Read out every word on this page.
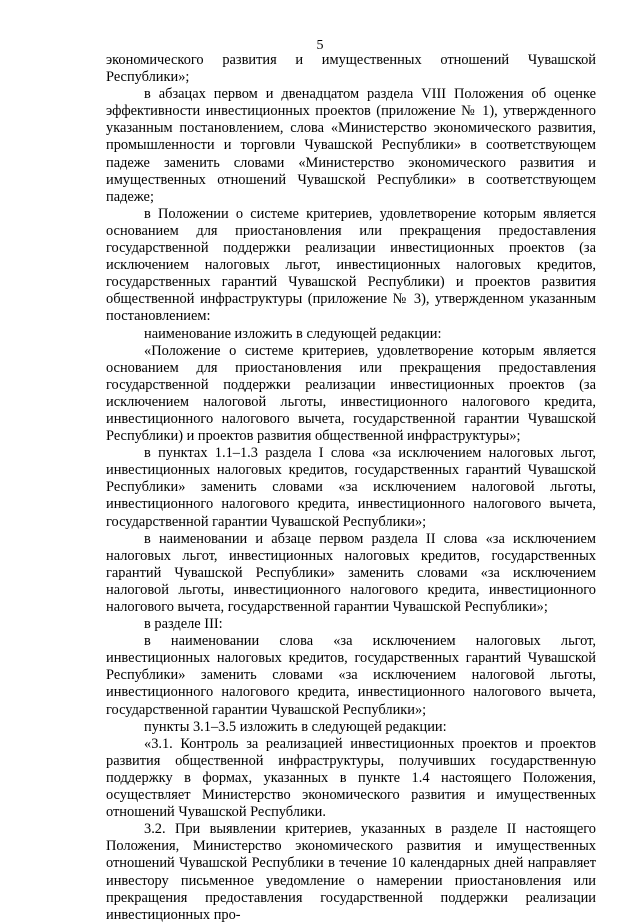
5

экономического развития и имущественных отношений Чувашской Республики»;

в абзацах первом и двенадцатом раздела VIII Положения об оценке эффективности инвестиционных проектов (приложение № 1), утвержденного указанным постановлением, слова «Министерство экономического развития, промышленности и торговли Чувашской Республики» в соответствующем падеже заменить словами «Министерство экономического развития и имущественных отношений Чувашской Республики» в соответствующем падеже;

в Положении о системе критериев, удовлетворение которым является основанием для приостановления или прекращения предоставления государственной поддержки реализации инвестиционных проектов (за исключением налоговых льгот, инвестиционных налоговых кредитов, государственных гарантий Чувашской Республики) и проектов развития общественной инфраструктуры (приложение № 3), утвержденном указанным постановлением:

наименование изложить в следующей редакции:

«Положение о системе критериев, удовлетворение которым является основанием для приостановления или прекращения предоставления государственной поддержки реализации инвестиционных проектов (за исключением налоговой льготы, инвестиционного налогового кредита, инвестиционного налогового вычета, государственной гарантии Чувашской Республики) и проектов развития общественной инфраструктуры»;

в пунктах 1.1–1.3 раздела I слова «за исключением налоговых льгот, инвестиционных налоговых кредитов, государственных гарантий Чувашской Республики» заменить словами «за исключением налоговой льготы, инвестиционного налогового кредита, инвестиционного налогового вычета, государственной гарантии Чувашской Республики»;

в наименовании и абзаце первом раздела II слова «за исключением налоговых льгот, инвестиционных налоговых кредитов, государственных гарантий Чувашской Республики» заменить словами «за исключением налоговой льготы, инвестиционного налогового кредита, инвестиционного налогового вычета, государственной гарантии Чувашской Республики»;

в разделе III:

в наименовании слова «за исключением налоговых льгот, инвестиционных налоговых кредитов, государственных гарантий Чувашской Республики» заменить словами «за исключением налоговой льготы, инвестиционного налогового кредита, инвестиционного налогового вычета, государственной гарантии Чувашской Республики»;

пункты 3.1–3.5 изложить в следующей редакции:

«3.1. Контроль за реализацией инвестиционных проектов и проектов развития общественной инфраструктуры, получивших государственную поддержку в формах, указанных в пункте 1.4 настоящего Положения, осуществляет Министерство экономического развития и имущественных отношений Чувашской Республики.

3.2. При выявлении критериев, указанных в разделе II настоящего Положения, Министерство экономического развития и имущественных отношений Чувашской Республики в течение 10 календарных дней направляет инвестору письменное уведомление о намерении приостановления или прекращения предоставления государственной поддержки реализации инвестиционных про-
